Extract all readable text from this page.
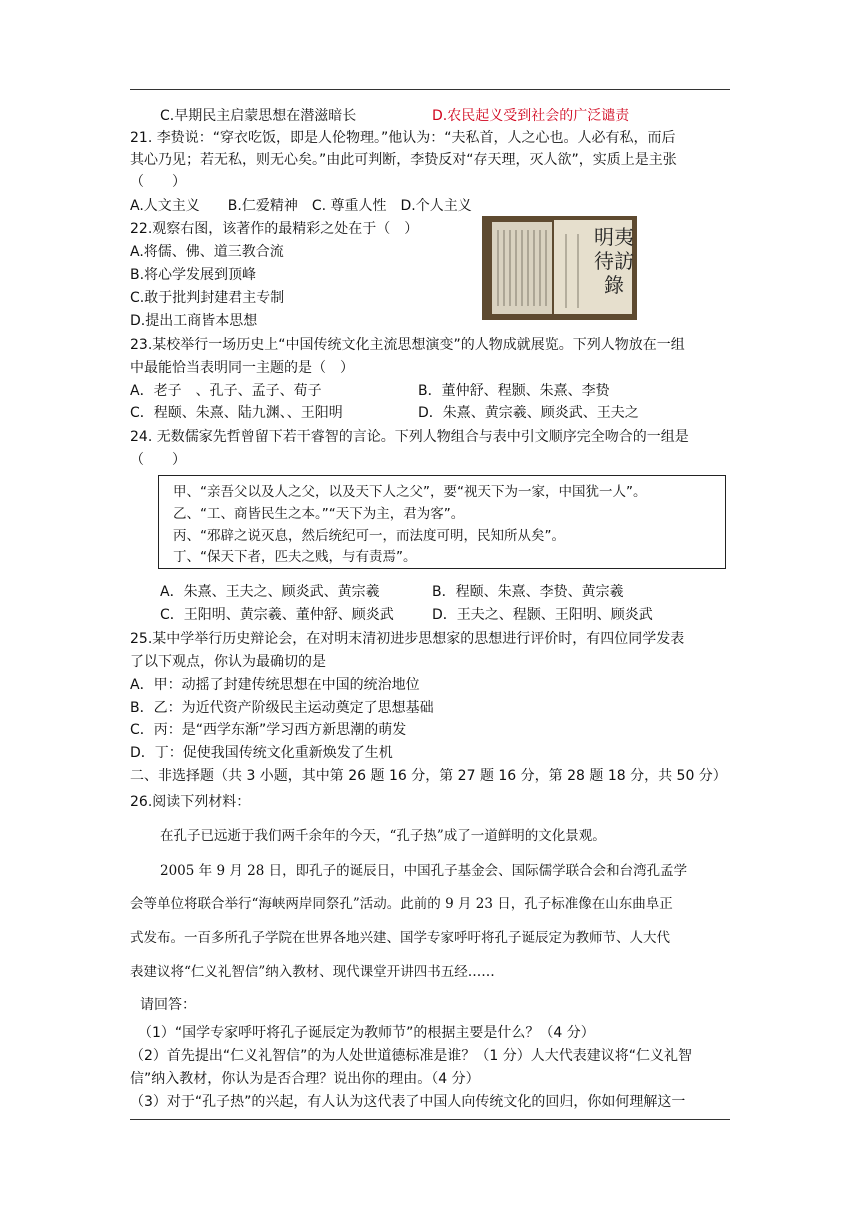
C.早期民主启蒙思想在潜滋暗长	D.农民起义受到社会的广泛谴责
21. 李贽说：“穿衣吃饭，即是人伦物理。”他认为：“夫私首，人之心也。人必有私，而后
其心乃见；若无私，则无心矣。”由此可判断，李贽反对“存天理，灭人欲”，实质上是主张
（　　）
A.人文主义　　B.仁爱精神　C. 尊重人性　D.个人主义
22.观察右图，该著作的最精彩之处在于（　）
A.将儒、佛、道三教合流
B.将心学发展到顶峰
C.敢于批判封建君主专制
D.提出工商皆本思想
明夷
待訪
錄
23.某校举行一场历史上“中国传统文化主流思想演变”的人物成就展览。下列人物放在一组
中最能恰当表明同一主题的是（　）
A．老子　、孔子、孟子、荀子	B．董仲舒、程颢、朱熹、李贽
C．程颐、朱熹、陆九渊、、王阳明	D．朱熹、黄宗羲、顾炎武、王夫之
24. 无数儒家先哲曾留下若干睿智的言论。下列人物组合与表中引文顺序完全吻合的一组是
（　　）
甲、“亲吾父以及人之父，以及天下人之父”，要“视天下为一家，中国犹一人”。
乙、“工、商皆民生之本。”“天下为主，君为客”。
丙、“邪辟之说灭息，然后统纪可一，而法度可明，民知所从矣”。
丁、“保天下者，匹夫之贱，与有责焉”。
A．朱熹、王夫之、顾炎武、黄宗羲	B．程颐、朱熹、李贽、黄宗羲
C．王阳明、黄宗羲、董仲舒、顾炎武	D．王夫之、程颢、王阳明、顾炎武
25.某中学举行历史辩论会，在对明末清初进步思想家的思想进行评价时，有四位同学发表
了以下观点，你认为最确切的是
A．甲：动摇了封建传统思想在中国的统治地位
B．乙：为近代资产阶级民主运动奠定了思想基础
C．丙：是“西学东渐”学习西方新思潮的萌发
D．丁：促使我国传统文化重新焕发了生机
二、非选择题（共 3 小题，其中第 26 题 16 分，第 27 题 16 分，第 28 题 18 分，共 50 分）
26.阅读下列材料：
在孔子已远逝于我们两千余年的今天，“孔子热”成了一道鲜明的文化景观。
2005 年 9 月 28 日，即孔子的诞辰日，中国孔子基金会、国际儒学联合会和台湾孔孟学
会等单位将联合举行“海峡两岸同祭孔”活动。此前的 9 月 23 日，孔子标准像在山东曲阜正
式发布。一百多所孔子学院在世界各地兴建、国学专家呼吁将孔子诞辰定为教师节、人大代
表建议将“仁义礼智信”纳入教材、现代课堂开讲四书五经……
请回答：
（1）“国学专家呼吁将孔子诞辰定为教师节”的根据主要是什么？（4 分）
（2）首先提出“仁义礼智信”的为人处世道德标准是谁？（1 分）人大代表建议将“仁义礼智
信”纳入教材，你认为是否合理？说出你的理由。（4 分）
（3）对于“孔子热”的兴起，有人认为这代表了中国人向传统文化的回归，你如何理解这一
